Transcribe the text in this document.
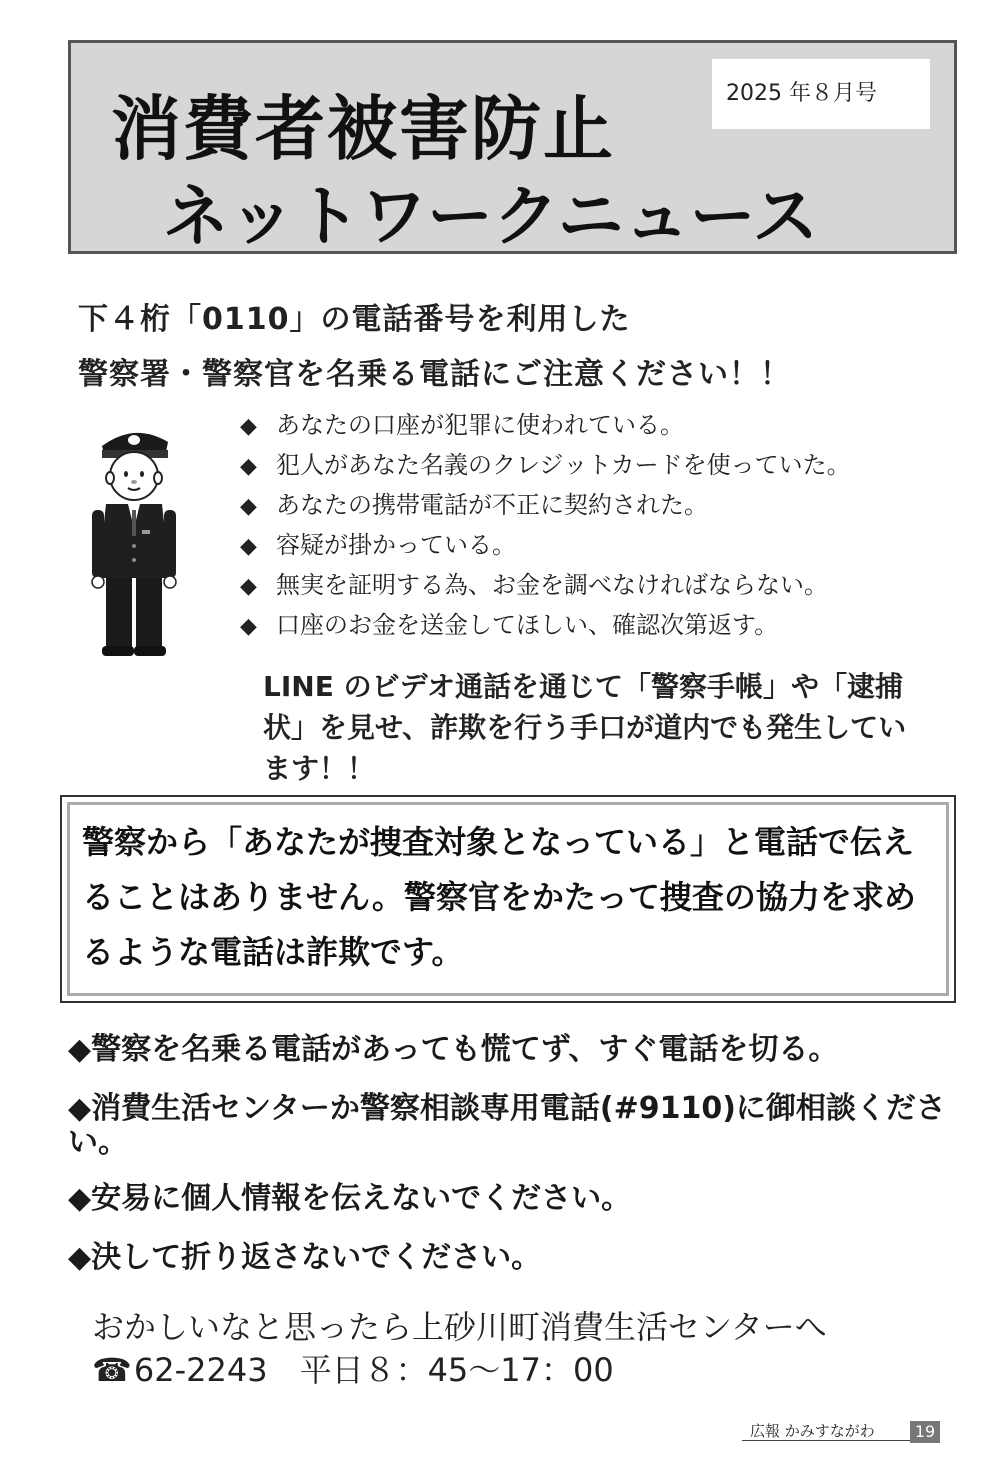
消費者被害防止
ネットワークニュース
2025 年８月号
下４桁「0110」の電話番号を利用した
警察署・警察官を名乗る電話にご注意ください！！
◆ あなたの口座が犯罪に使われている。
◆ 犯人があなた名義のクレジットカードを使っていた。
◆ あなたの携帯電話が不正に契約された。
◆ 容疑が掛かっている。
◆ 無実を証明する為、お金を調べなければならない。
◆ 口座のお金を送金してほしい、確認次第返す。
LINE のビデオ通話を通じて「警察手帳」や「逮捕状」を見せ、詐欺を行う手口が道内でも発生しています！！
警察から「あなたが捜査対象となっている」と電話で伝えることはありません。警察官をかたって捜査の協力を求めるような電話は詐欺です。
◆警察を名乗る電話があっても慌てず、すぐ電話を切る。
◆消費生活センターか警察相談専用電話(#9110)に御相談ください。
◆安易に個人情報を伝えないでください。
◆決して折り返さないでください。
おかしいなと思ったら上砂川町消費生活センターへ
☎62-2243　平日８：45～17：00
広報 かみすながわ	19
